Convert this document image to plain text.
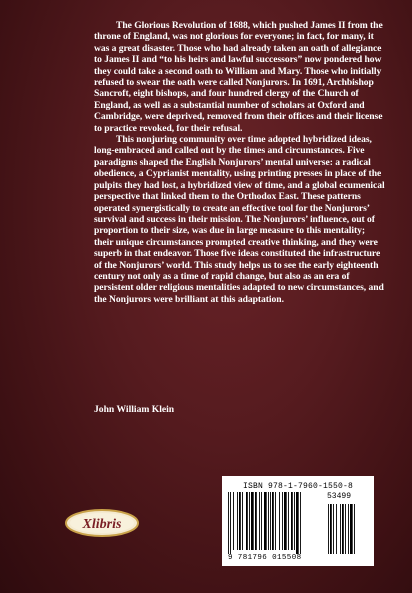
The Glorious Revolution of 1688, which pushed James II from the throne of England, was not glorious for everyone; in fact, for many, it was a great disaster. Those who had already taken an oath of allegiance to James II and “to his heirs and lawful successors” now pondered how they could take a second oath to William and Mary. Those who initially refused to swear the oath were called Nonjurors. In 1691, Archbishop Sancroft, eight bishops, and four hundred clergy of the Church of England, as well as a substantial number of scholars at Oxford and Cambridge, were deprived, removed from their offices and their license to practice revoked, for their refusal.

This nonjuring community over time adopted hybridized ideas, long-embraced and called out by the times and circumstances. Five paradigms shaped the English Nonjurors’ mental universe: a radical obedience, a Cyprianist mentality, using printing presses in place of the pulpits they had lost, a hybridized view of time, and a global ecumenical perspective that linked them to the Orthodox East. These patterns operated synergistically to create an effective tool for the Nonjurors’ survival and success in their mission. The Nonjurors’ influence, out of proportion to their size, was due in large measure to this mentality; their unique circumstances prompted creative thinking, and they were superb in that endeavor. Those five ideas constituted the infrastructure of the Nonjurors’ world. This study helps us to see the early eighteenth century not only as a time of rapid change, but also as an era of persistent older religious mentalities adapted to new circumstances, and the Nonjurors were brilliant at this adaptation.

John William Klein
Xlibris
ISBN 978-1-7960-1550-8
53499
9 781796 015508
